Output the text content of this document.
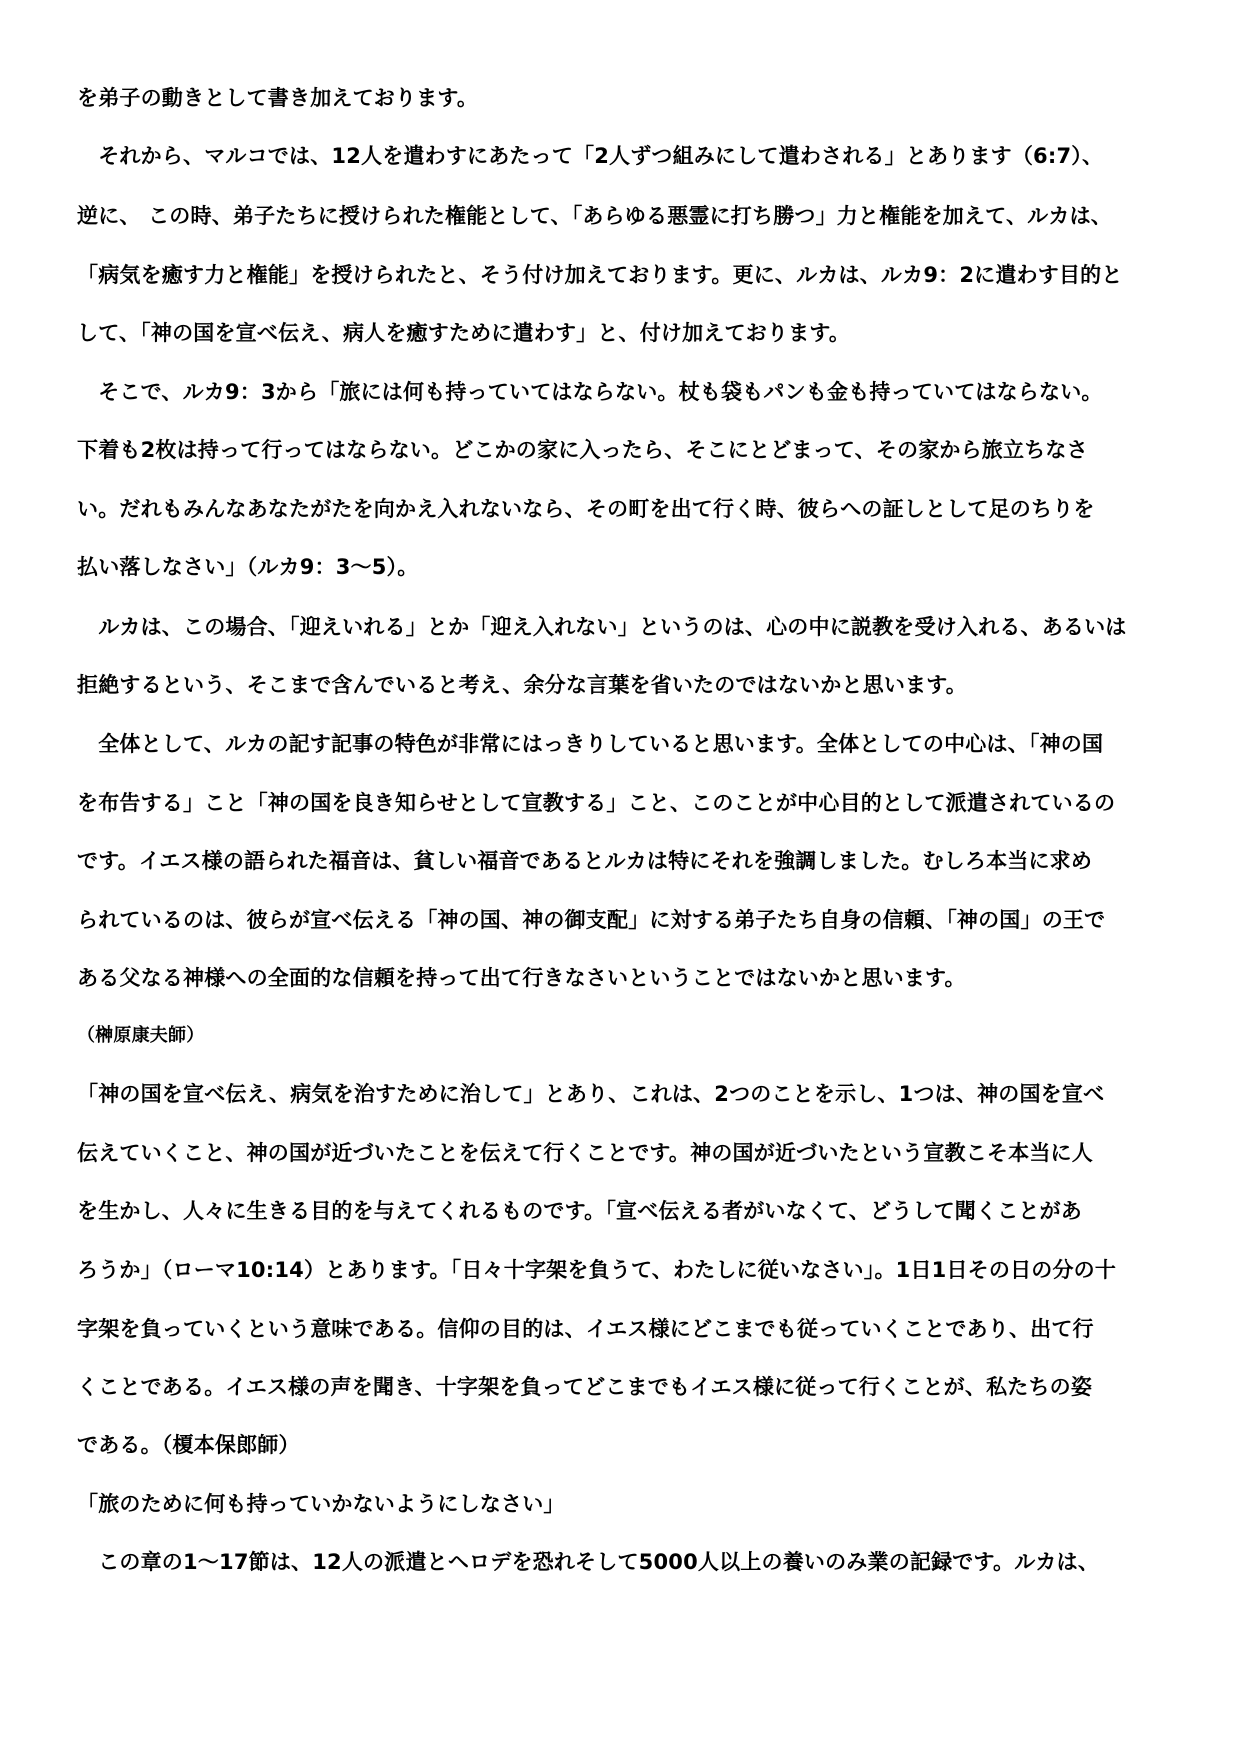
を弟子の動きとして書き加えております。
　それから、マルコでは、12人を遣わすにあたって「2人ずつ組みにして遣わされる」とあります（6:7）、
逆に、 この時、弟子たちに授けられた権能として、「あらゆる悪霊に打ち勝つ」力と権能を加えて、ルカは、
「病気を癒す力と権能」を授けられたと、そう付け加えております。更に、ルカは、ルカ9：2に遣わす目的と
して、「神の国を宣べ伝え、病人を癒すために遣わす」と、付け加えております。
　そこで、ルカ9：3から「旅には何も持っていてはならない。杖も袋もパンも金も持っていてはならない。
下着も2枚は持って行ってはならない。どこかの家に入ったら、そこにとどまって、その家から旅立ちなさ
い。だれもみんなあなたがたを向かえ入れないなら、その町を出て行く時、彼らへの証しとして足のちりを
払い落しなさい」（ルカ9：3～5）。
　ルカは、この場合、「迎えいれる」とか「迎え入れない」というのは、心の中に説教を受け入れる、あるいは
拒絶するという、そこまで含んでいると考え、余分な言葉を省いたのではないかと思います。
　全体として、ルカの記す記事の特色が非常にはっきりしていると思います。全体としての中心は、「神の国
を布告する」こと「神の国を良き知らせとして宣教する」こと、このことが中心目的として派遣されているの
です。イエス様の語られた福音は、貧しい福音であるとルカは特にそれを強調しました。むしろ本当に求め
られているのは、彼らが宣べ伝える「神の国、神の御支配」に対する弟子たち自身の信頼、「神の国」の王で
ある父なる神様への全面的な信頼を持って出て行きなさいということではないかと思います。
（榊原康夫師）
「神の国を宣べ伝え、病気を治すために治して」とあり、これは、2つのことを示し、1つは、神の国を宣べ
伝えていくこと、神の国が近づいたことを伝えて行くことです。神の国が近づいたという宣教こそ本当に人
を生かし、人々に生きる目的を与えてくれるものです。「宣べ伝える者がいなくて、どうして聞くことがあ
ろうか」（ローマ10:14）とあります。「日々十字架を負うて、わたしに従いなさい」。1日1日その日の分の十
字架を負っていくという意味である。信仰の目的は、イエス様にどこまでも従っていくことであり、出て行
くことである。イエス様の声を聞き、十字架を負ってどこまでもイエス様に従って行くことが、私たちの姿
である。（榎本保郎師）
「旅のために何も持っていかないようにしなさい」
　この章の1～17節は、12人の派遣とヘロデを恐れそして5000人以上の養いのみ業の記録です。ルカは、
